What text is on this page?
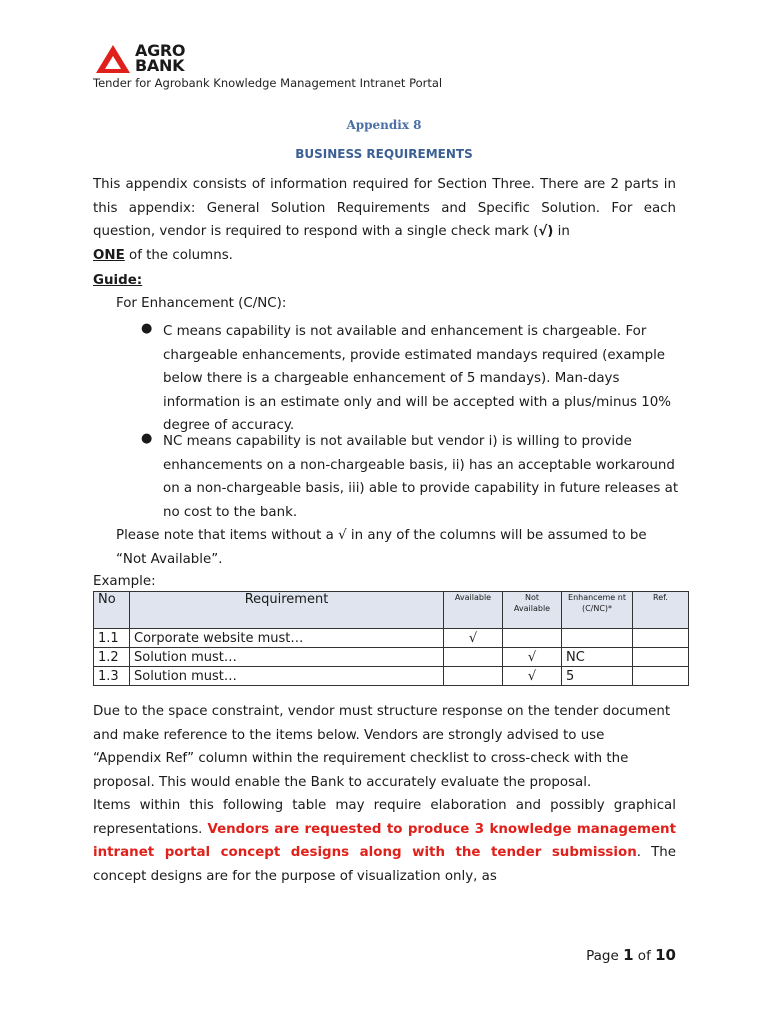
AGRO
BANK
Tender for Agrobank Knowledge Management Intranet Portal
Appendix 8
BUSINESS REQUIREMENTS
This appendix consists of information required for Section Three. There are 2 parts in this appendix: General Solution Requirements and Specific Solution. For each question, vendor is required to respond with a single check mark (√) in
ONE of the columns.
Guide:
For Enhancement (C/NC):
● C means capability is not available and enhancement is chargeable. For chargeable enhancements, provide estimated mandays required (example below there is a chargeable enhancement of 5 mandays). Man-days information is an estimate only and will be accepted with a plus/minus 10% degree of accuracy.
● NC means capability is not available but vendor i) is willing to provide enhancements on a non-chargeable basis, ii) has an acceptable workaround on a non-chargeable basis, iii) able to provide capability in future releases at no cost to the bank.
Please note that items without a √ in any of the columns will be assumed to be “Not Available”.
Example:
No	Requirement	Available	Not Available	Enhanceme nt (C/NC)*	Ref.
1.1	Corporate website must…	√			
1.2	Solution must…		√	NC	
1.3	Solution must…		√	5	
Due to the space constraint, vendor must structure response on the tender document and make reference to the items below. Vendors are strongly advised to use “Appendix Ref” column within the requirement checklist to cross-check with the proposal. This would enable the Bank to accurately evaluate the proposal.
Items within this following table may require elaboration and possibly graphical representations. Vendors are requested to produce 3 knowledge management intranet portal concept designs along with the tender submission. The concept designs are for the purpose of visualization only, as
Page 1 of 10
